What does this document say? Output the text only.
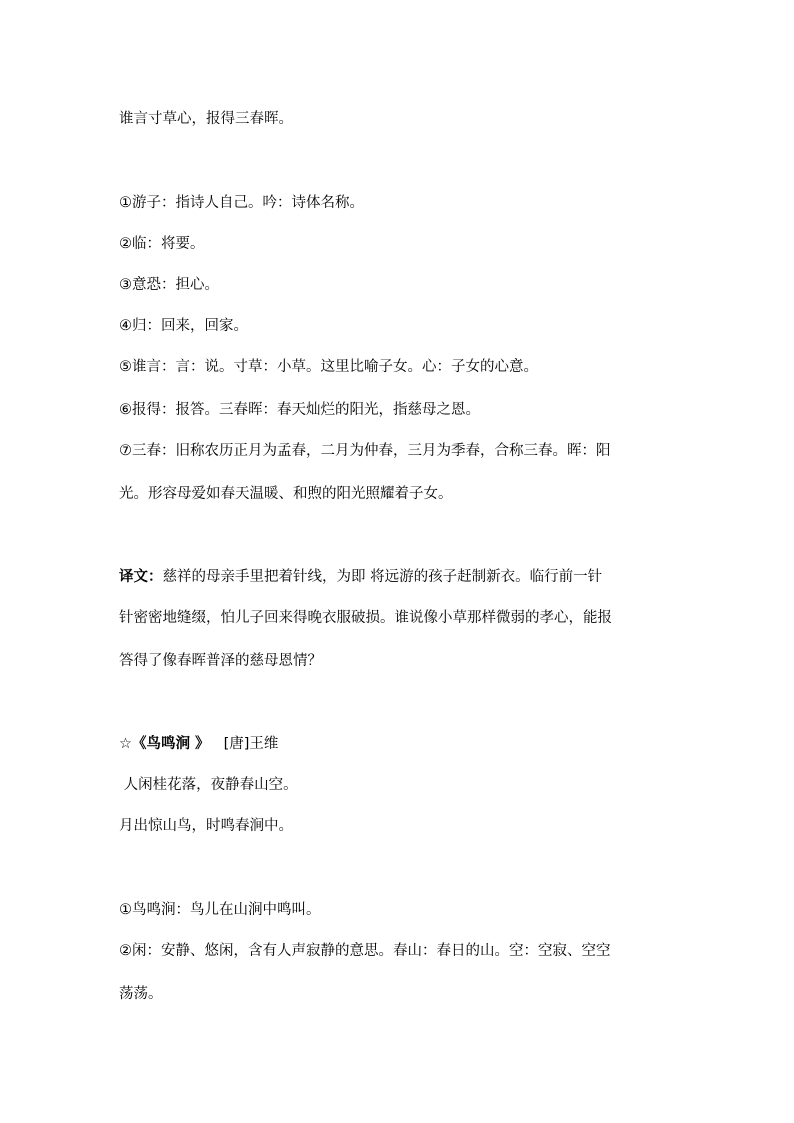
谁言寸草心，报得三春晖。
①游子：指诗人自己。吟：诗体名称。
②临：将要。
③意恐：担心。
④归：回来，回家。
⑤谁言：言：说。寸草：小草。这里比喻子女。心：子女的心意。
⑥报得：报答。三春晖：春天灿烂的阳光，指慈母之恩。
⑦三春：旧称农历正月为孟春，二月为仲春，三月为季春，合称三春。晖：阳
光。形容母爱如春天温暖、和煦的阳光照耀着子女。
译文：慈祥的母亲手里把着针线，为即 将远游的孩子赶制新衣。临行前一针
针密密地缝缀，怕儿子回来得晚衣服破损。谁说像小草那样微弱的孝心，能报
答得了像春晖普泽的慈母恩情？
☆《鸟鸣涧 》 [唐]王维
人闲桂花落，夜静春山空。
月出惊山鸟，时鸣春涧中。
①鸟鸣涧：鸟儿在山涧中鸣叫。
②闲：安静、悠闲，含有人声寂静的意思。春山：春日的山。空：空寂、空空
荡荡。
